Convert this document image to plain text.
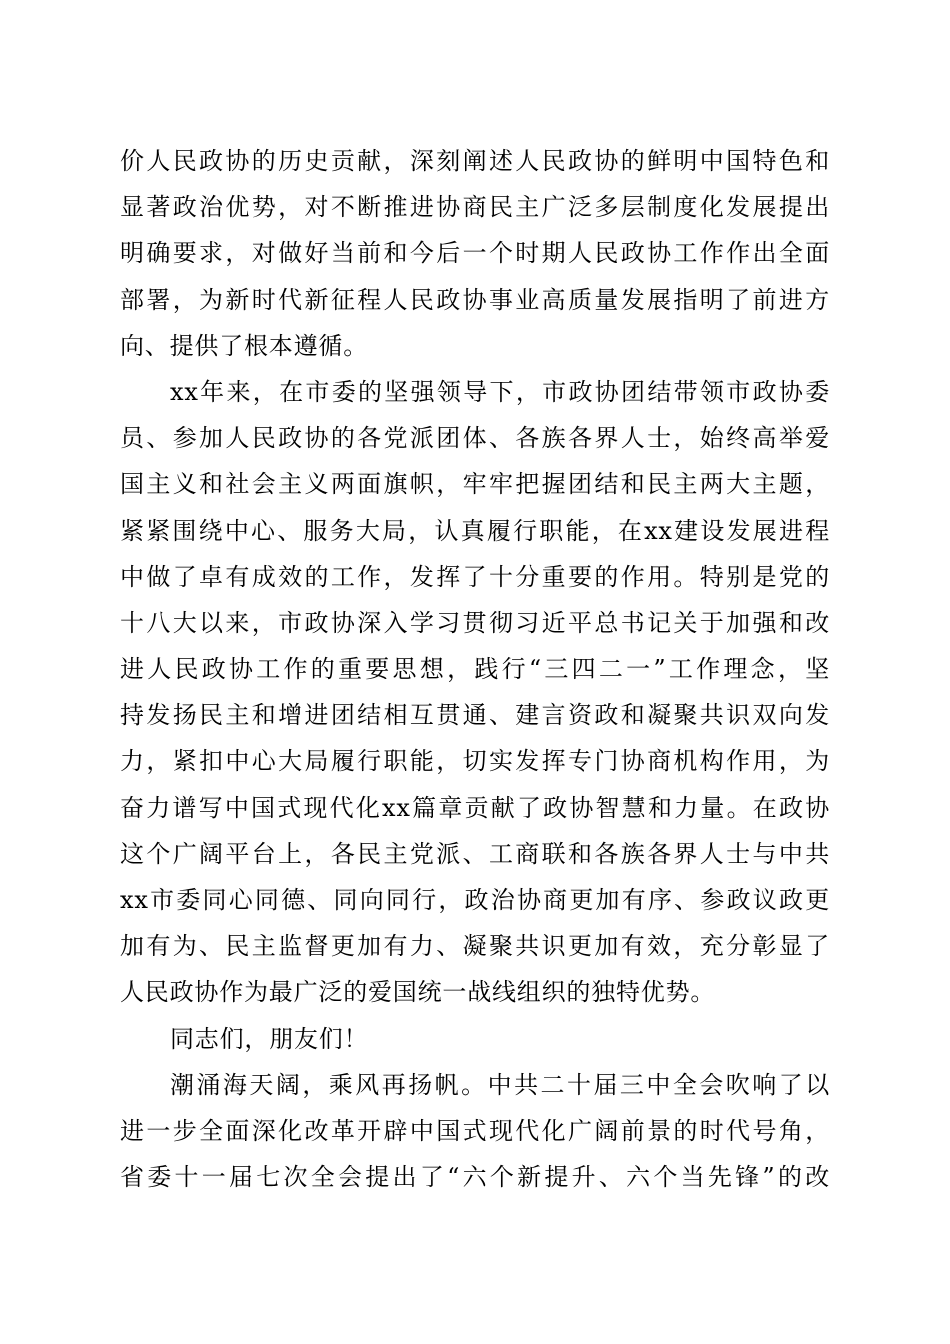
价人民政协的历史贡献，深刻阐述人民政协的鲜明中国特色和
显著政治优势，对不断推进协商民主广泛多层制度化发展提出
明确要求，对做好当前和今后一个时期人民政协工作作出全面
部署，为新时代新征程人民政协事业高质量发展指明了前进方
向、提供了根本遵循。
xx年来，在市委的坚强领导下，市政协团结带领市政协委
员、参加人民政协的各党派团体、各族各界人士，始终高举爱
国主义和社会主义两面旗帜，牢牢把握团结和民主两大主题，
紧紧围绕中心、服务大局，认真履行职能，在xx建设发展进程
中做了卓有成效的工作，发挥了十分重要的作用。特别是党的
十八大以来，市政协深入学习贯彻习近平总书记关于加强和改
进人民政协工作的重要思想，践行“三四二一”工作理念，坚
持发扬民主和增进团结相互贯通、建言资政和凝聚共识双向发
力，紧扣中心大局履行职能，切实发挥专门协商机构作用，为
奋力谱写中国式现代化xx篇章贡献了政协智慧和力量。在政协
这个广阔平台上，各民主党派、工商联和各族各界人士与中共
xx市委同心同德、同向同行，政治协商更加有序、参政议政更
加有为、民主监督更加有力、凝聚共识更加有效，充分彰显了
人民政协作为最广泛的爱国统一战线组织的独特优势。
同志们，朋友们！
潮涌海天阔，乘风再扬帆。中共二十届三中全会吹响了以
进一步全面深化改革开辟中国式现代化广阔前景的时代号角，
省委十一届七次全会提出了“六个新提升、六个当先锋”的改
